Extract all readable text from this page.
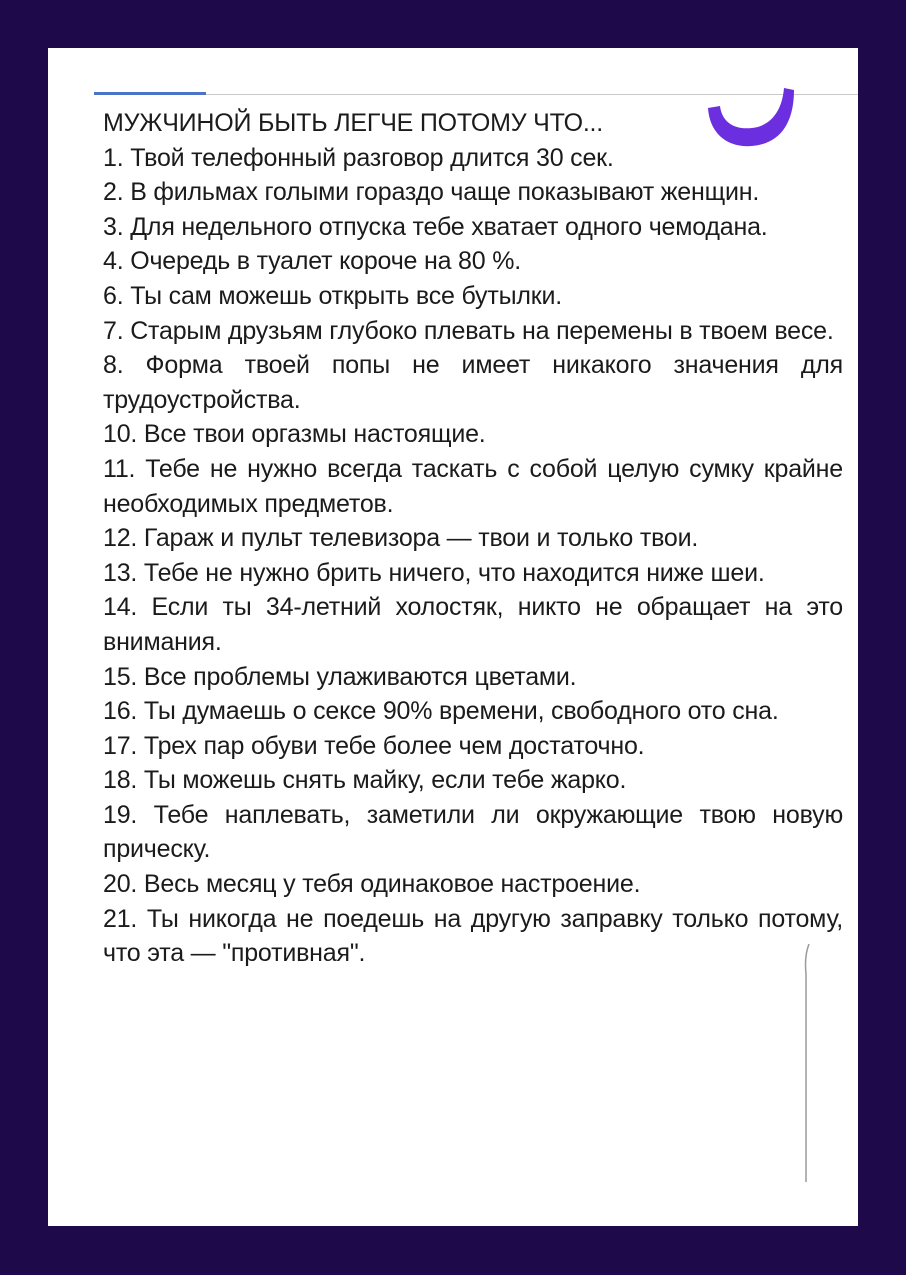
МУЖЧИНОЙ БЫТЬ ЛЕГЧЕ ПОТОМУ ЧТО...

1. Твой телефонный разговор длится 30 сек.

2. В фильмах голыми гораздо чаще показывают женщин.

3. Для недельного отпуска тебе хватает одного чемодана.

4. Очередь в туалет короче на 80 %.

6. Ты сам можешь открыть все бутылки.

7. Старым друзьям глубоко плевать на перемены в твоем весе.

8. Форма твоей попы не имеет никакого значения для трудоустройства.

10. Все твои оргазмы настоящие.

11. Тебе не нужно всегда таскать с собой целую сумку крайне необходимых предметов.

12. Гараж и пульт телевизора — твои и только твои.

13. Тебе не нужно брить ничего, что находится ниже шеи.

14. Если ты 34-летний холостяк, никто не обращает на это внимания.

15. Все проблемы улаживаются цветами.

16. Ты думаешь о сексе 90% времени, свободного ото сна.

17. Трех пар обуви тебе более чем достаточно.

18. Ты можешь снять майку, если тебе жарко.

19. Тебе наплевать, заметили ли окружающие твою новую прическу.

20. Весь месяц у тебя одинаковое настроение.

21. Ты никогда не поедешь на другую заправку только потому, что эта — "противная".
